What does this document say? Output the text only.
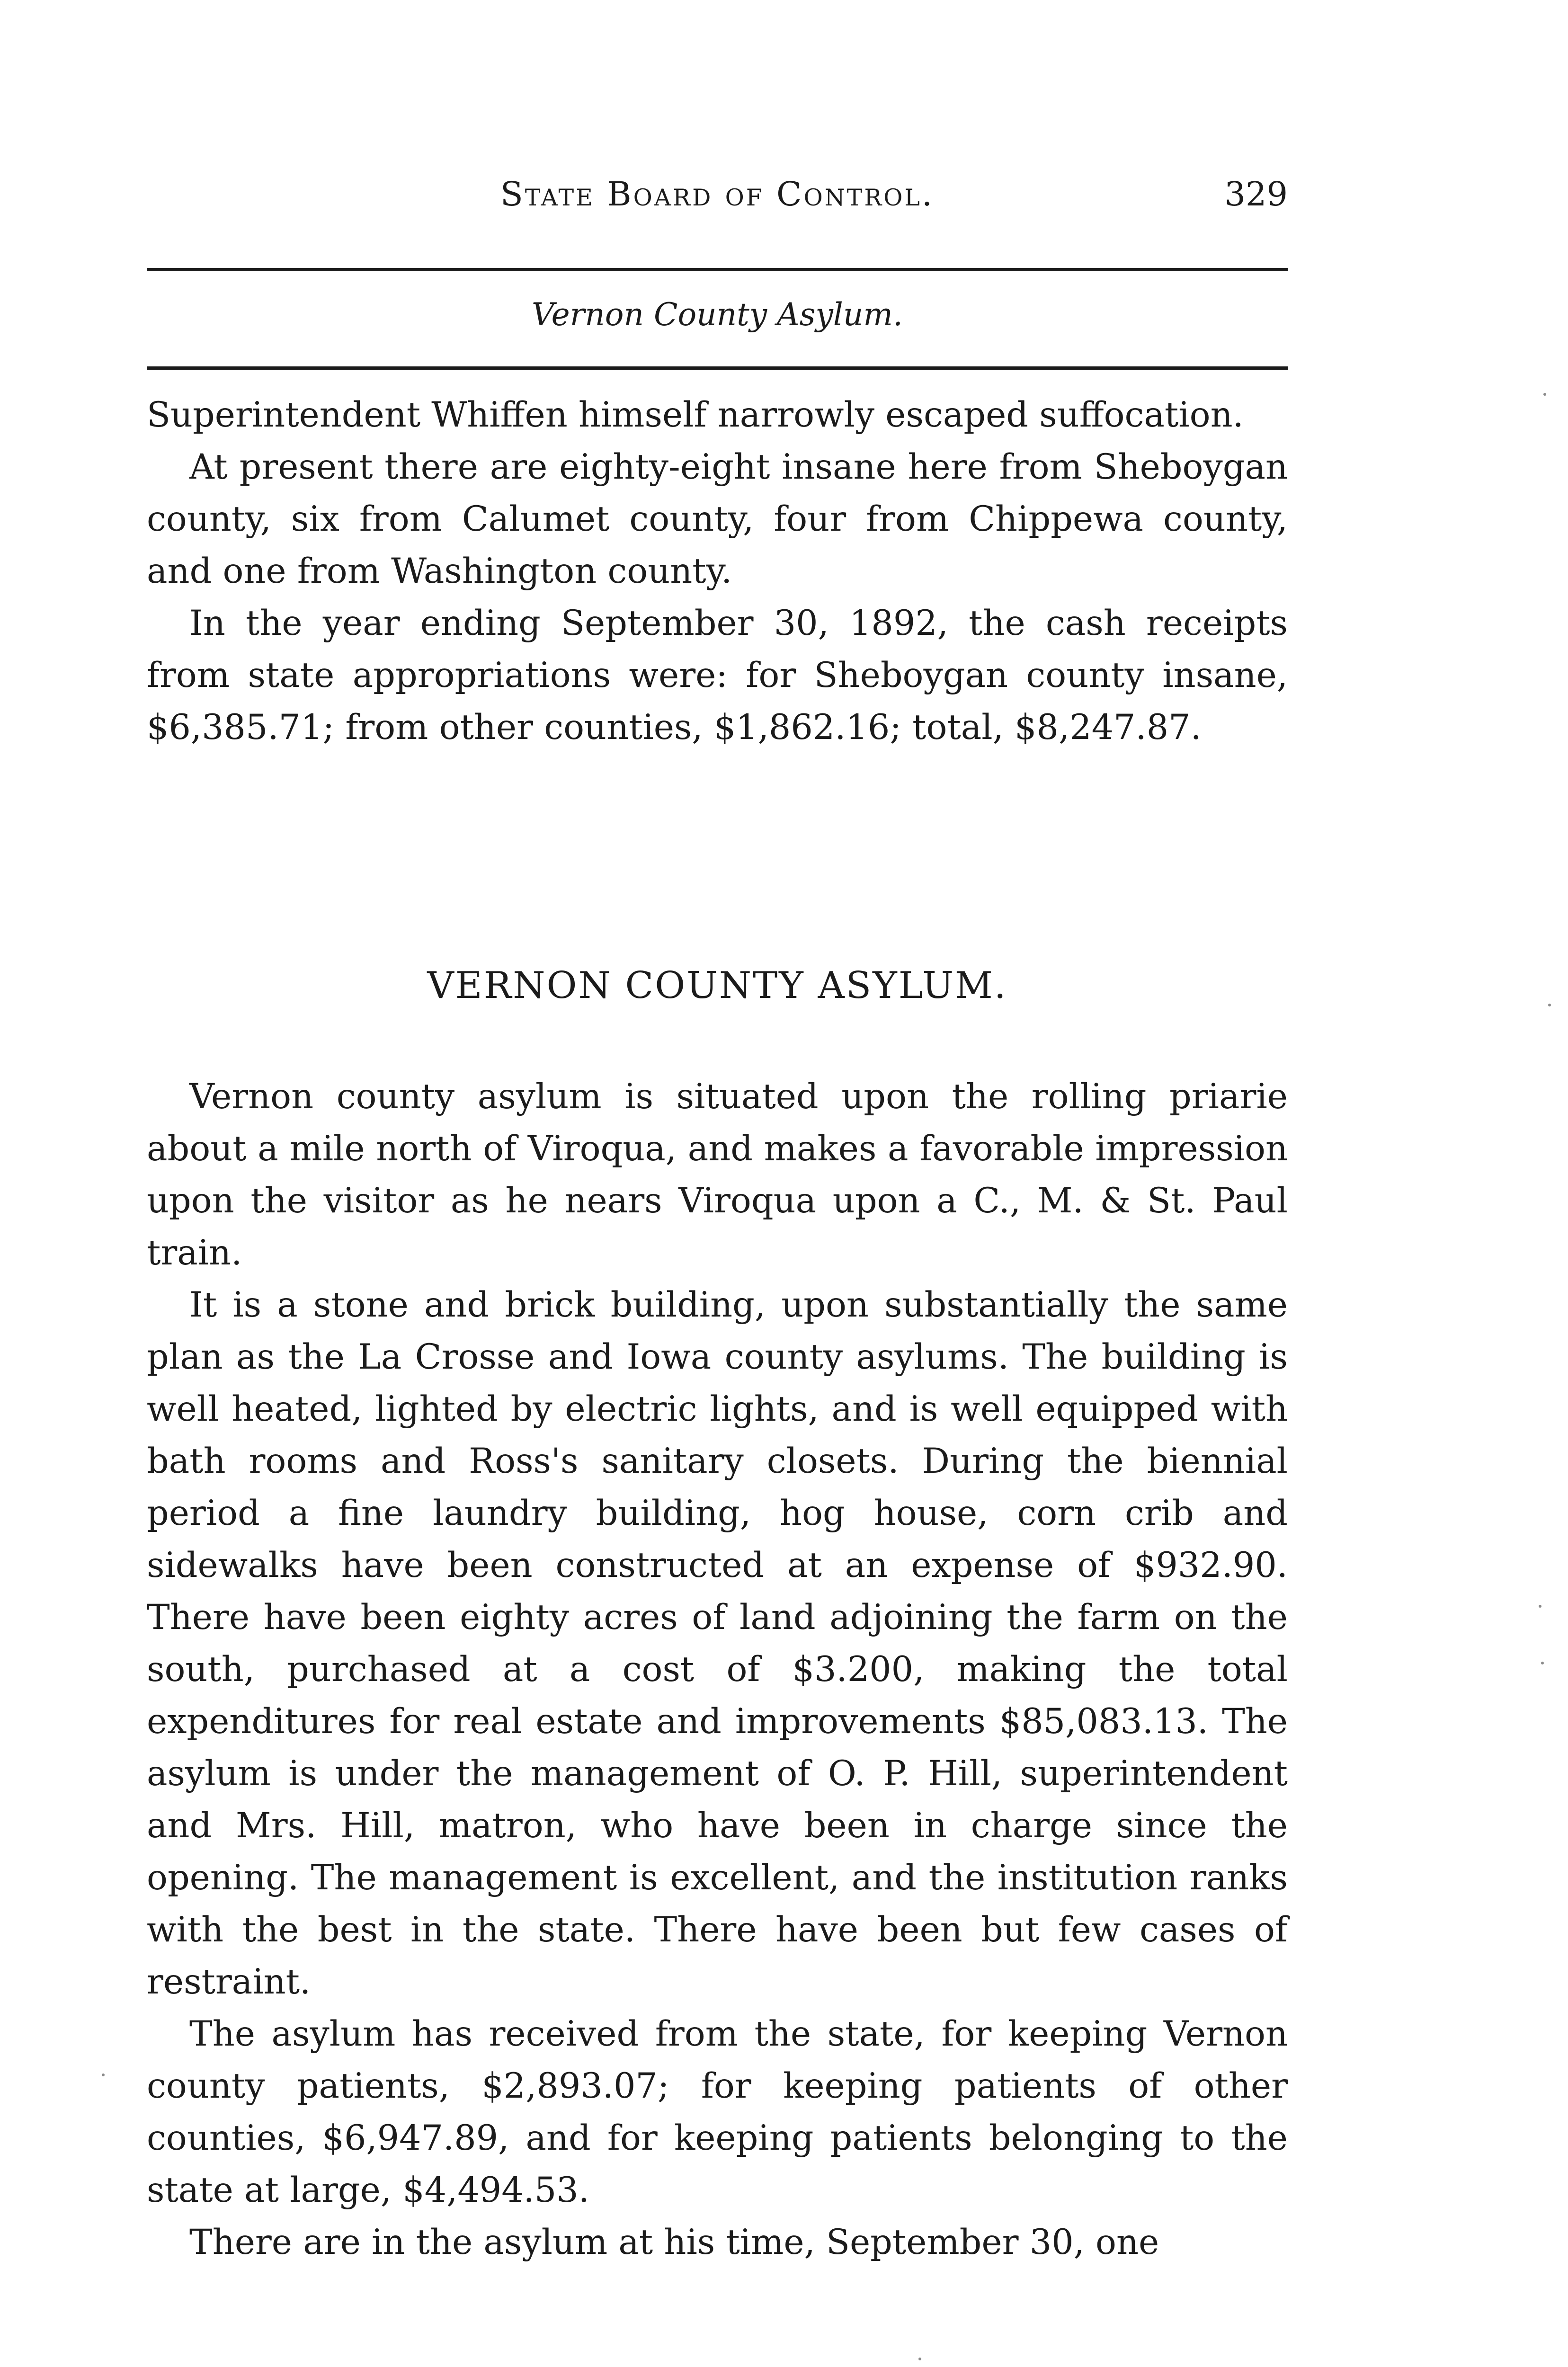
State Board of Control.	329
Vernon County Asylum.

Superintendent Whiffen himself narrowly escaped suffocation.

At present there are eighty-eight insane here from Sheboygan county, six from Calumet county, four from Chippewa county, and one from Washington county.

In the year ending September 30, 1892, the cash receipts from state appropriations were: for Sheboygan county insane, $6,385.71; from other counties, $1,862.16; total, $8,247.87.

VERNON COUNTY ASYLUM.

Vernon county asylum is situated upon the rolling priarie about a mile north of Viroqua, and makes a favorable impression upon the visitor as he nears Viroqua upon a C., M. & St. Paul train.

It is a stone and brick building, upon substantially the same plan as the La Crosse and Iowa county asylums. The building is well heated, lighted by electric lights, and is well equipped with bath rooms and Ross's sanitary closets. During the biennial period a fine laundry building, hog house, corn crib and sidewalks have been constructed at an expense of $932.90. There have been eighty acres of land adjoining the farm on the south, purchased at a cost of $3.200, making the total expenditures for real estate and improvements $85,083.13. The asylum is under the management of O. P. Hill, superintendent and Mrs. Hill, matron, who have been in charge since the opening. The management is excellent, and the institution ranks with the best in the state. There have been but few cases of restraint.

The asylum has received from the state, for keeping Vernon county patients, $2,893.07; for keeping patients of other counties, $6,947.89, and for keeping patients belonging to the state at large, $4,494.53.

There are in the asylum at his time, September 30, one
